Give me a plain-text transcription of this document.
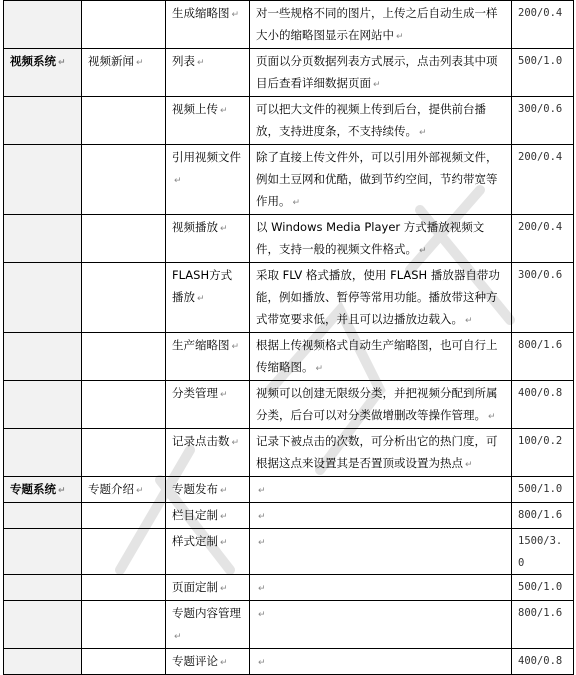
		生成缩略图 ↵	对一些规格不同的图片，上传之后自动生成一样大小的缩略图显示在网站中 ↵	200/0.4
视频系统 ↵	视频新闻 ↵	列表 ↵	页面以分页数据列表方式展示，点击列表其中项目后查看详细数据页面 ↵	500/1.0
		视频上传 ↵	可以把大文件的视频上传到后台，提供前台播放，支持进度条，不支持续传。 ↵	300/0.6
		引用视频文件↵	除了直接上传文件外，可以引用外部视频文件，例如土豆网和优酷，做到节约空间，节约带宽等作用。 ↵	200/0.4
		视频播放 ↵	以 Windows Media Player 方式播放视频文件，支持一般的视频文件格式。 ↵	200/0.4
		FLASH方式播放 ↵	采取 FLV 格式播放，使用 FLASH 播放器自带功能，例如播放、暂停等常用功能。播放带这种方式带宽要求低，并且可以边播放边载入。 ↵	300/0.6
		生产缩略图 ↵	根据上传视频格式自动生产缩略图，也可自行上传缩略图。 ↵	800/1.6
		分类管理 ↵	视频可以创建无限级分类，并把视频分配到所属分类，后台可以对分类做增删改等操作管理。 ↵	400/0.8
		记录点击数 ↵	记录下被点击的次数，可分析出它的热门度，可根据这点来设置其是否置顶或设置为热点 ↵	100/0.2
专题系统 ↵	专题介绍 ↵	专题发布 ↵	↵	500/1.0
		栏目定制 ↵	↵	800/1.6
		样式定制 ↵	↵	1500/3.0
		页面定制 ↵	↵	500/1.0
		专题内容管理↵	↵	800/1.6
		专题评论 ↵	↵	400/0.8
